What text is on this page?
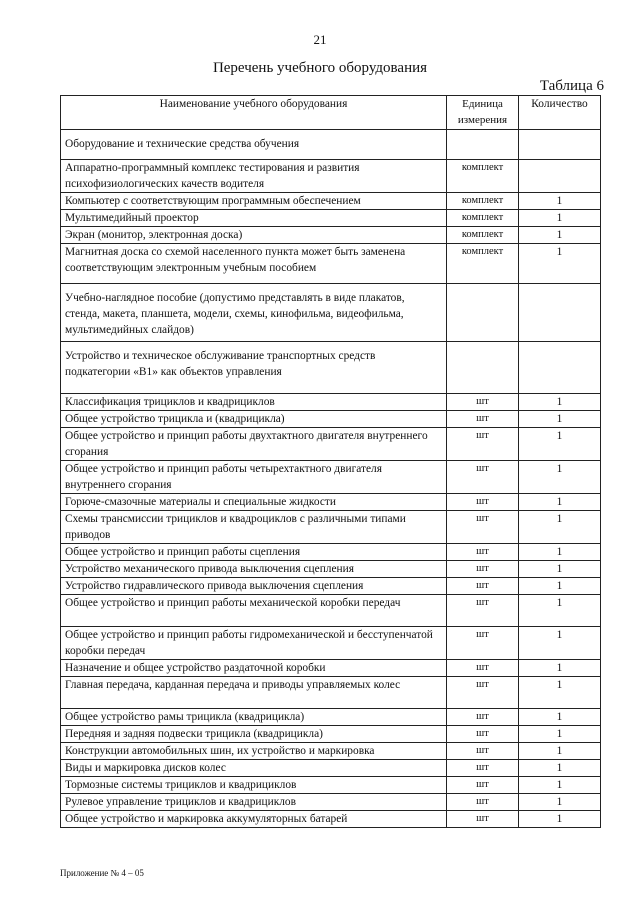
21
Перечень учебного оборудования
Таблица 6
Наименование учебного оборудования	Единица измерения	Количество
Оборудование и технические средства обучения		
Аппаратно-программный комплекс тестирования и развития психофизиологических качеств водителя	комплект	
Компьютер с соответствующим программным обеспечением	комплект	1
Мультимедийный проектор	комплект	1
Экран (монитор, электронная доска)	комплект	1
Магнитная доска со схемой населенного пункта может быть заменена соответствующим электронным учебным пособием	комплект	1
Учебно-наглядное пособие (допустимо представлять в виде плакатов, стенда, макета, планшета, модели, схемы, кинофильма, видеофильма, мультимедийных слайдов)		
Устройство и техническое обслуживание транспортных средств подкатегории «В1» как объектов управления		
Классификация трициклов и квадрициклов	шт	1
Общее устройство трицикла и (квадрицикла)	шт	1
Общее устройство и принцип работы двухтактного двигателя внутреннего сгорания	шт	1
Общее устройство и принцип работы четырехтактного двигателя внутреннего сгорания	шт	1
Горюче-смазочные материалы и специальные жидкости	шт	1
Схемы трансмиссии трициклов и квадроциклов с различными типами приводов	шт	1
Общее устройство и принцип работы сцепления	шт	1
Устройство механического привода выключения сцепления	шт	1
Устройство гидравлического привода выключения сцепления	шт	1
Общее устройство и принцип работы механической коробки передач	шт	1
Общее устройство и принцип работы гидромеханической и бесступенчатой коробки передач	шт	1
Назначение и общее устройство раздаточной коробки	шт	1
Главная передача, карданная передача и приводы управляемых колес	шт	1
Общее устройство рамы трицикла (квадрицикла)	шт	1
Передняя и задняя подвески трицикла (квадрицикла)	шт	1
Конструкции автомобильных шин, их устройство и маркировка	шт	1
Виды и маркировка дисков колес	шт	1
Тормозные системы трициклов и квадрициклов	шт	1
Рулевое управление трициклов и квадрициклов	шт	1
Общее устройство и маркировка аккумуляторных батарей	шт	1
Приложение № 4 – 05
